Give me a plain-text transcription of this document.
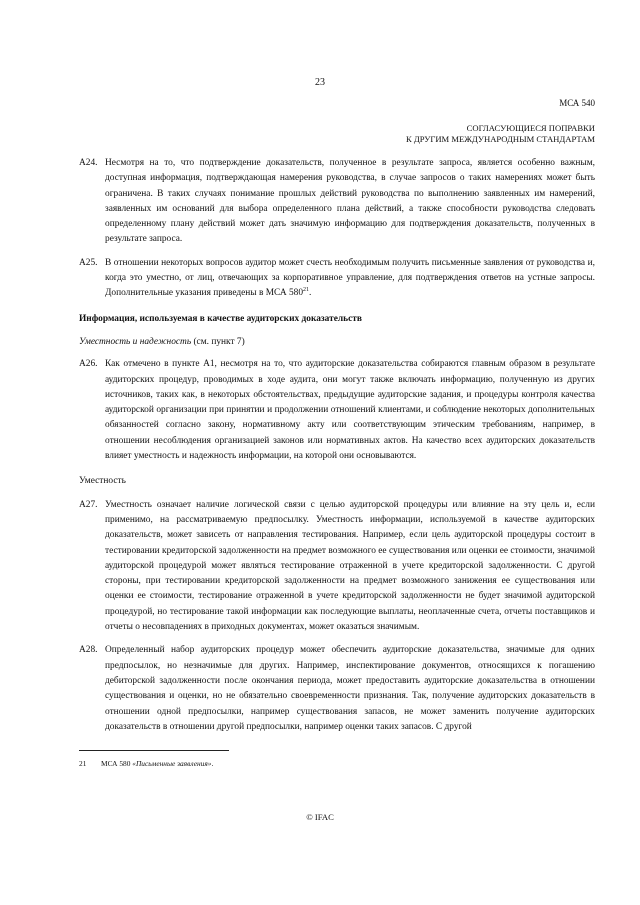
23
МСА 540
СОГЛАСУЮЩИЕСЯ ПОПРАВКИ
К ДРУГИМ МЕЖДУНАРОДНЫМ СТАНДАРТАМ
A24. Несмотря на то, что подтверждение доказательств, полученное в результате запроса, является особенно важным, доступная информация, подтверждающая намерения руководства, в случае запросов о таких намерениях может быть ограничена. В таких случаях понимание прошлых действий руководства по выполнению заявленных им намерений, заявленных им оснований для выбора определенного плана действий, а также способности руководства следовать определенному плану действий может дать значимую информацию для подтверждения доказательств, полученных в результате запроса.
A25. В отношении некоторых вопросов аудитор может счесть необходимым получить письменные заявления от руководства и, когда это уместно, от лиц, отвечающих за корпоративное управление, для подтверждения ответов на устные запросы. Дополнительные указания приведены в МСА $580^{21}$.
Информация, используемая в качестве аудиторских доказательств
Уместность и надежность (см. пункт 7)
A26. Как отмечено в пункте A1, несмотря на то, что аудиторские доказательства собираются главным образом в результате аудиторских процедур, проводимых в ходе аудита, они могут также включать информацию, полученную из других источников, таких как, в некоторых обстоятельствах, предыдущие аудиторские задания, и процедуры контроля качества аудиторской организации при принятии и продолжении отношений клиентами, и соблюдение некоторых дополнительных обязанностей согласно закону, нормативному акту или соответствующим этическим требованиям, например, в отношении несоблюдения организацией законов или нормативных актов. На качество всех аудиторских доказательств влияет уместность и надежность информации, на которой они основываются.
Уместность
A27. Уместность означает наличие логической связи с целью аудиторской процедуры или влияние на эту цель и, если применимо, на рассматриваемую предпосылку. Уместность информации, используемой в качестве аудиторских доказательств, может зависеть от направления тестирования. Например, если цель аудиторской процедуры состоит в тестировании кредиторской задолженности на предмет возможного ее существования или оценки ее стоимости, значимой аудиторской процедурой может являться тестирование отраженной в учете кредиторской задолженности. С другой стороны, при тестировании кредиторской задолженности на предмет возможного занижения ее существования или оценки ее стоимости, тестирование отраженной в учете кредиторской задолженности не будет значимой аудиторской процедурой, но тестирование такой информации как последующие выплаты, неоплаченные счета, отчеты поставщиков и отчеты о несовпадениях в приходных документах, может оказаться значимым.
A28. Определенный набор аудиторских процедур может обеспечить аудиторские доказательства, значимые для одних предпосылок, но незначимые для других. Например, инспектирование документов, относящихся к погашению дебиторской задолженности после окончания периода, может предоставить аудиторские доказательства в отношении существования и оценки, но не обязательно своевременности признания. Так, получение аудиторских доказательств в отношении одной предпосылки, например существования запасов, не может заменить получение аудиторских доказательств в отношении другой предпосылки, например оценки таких запасов. С другой
21	МСА 580 «Письменные заявления».
© IFAC
